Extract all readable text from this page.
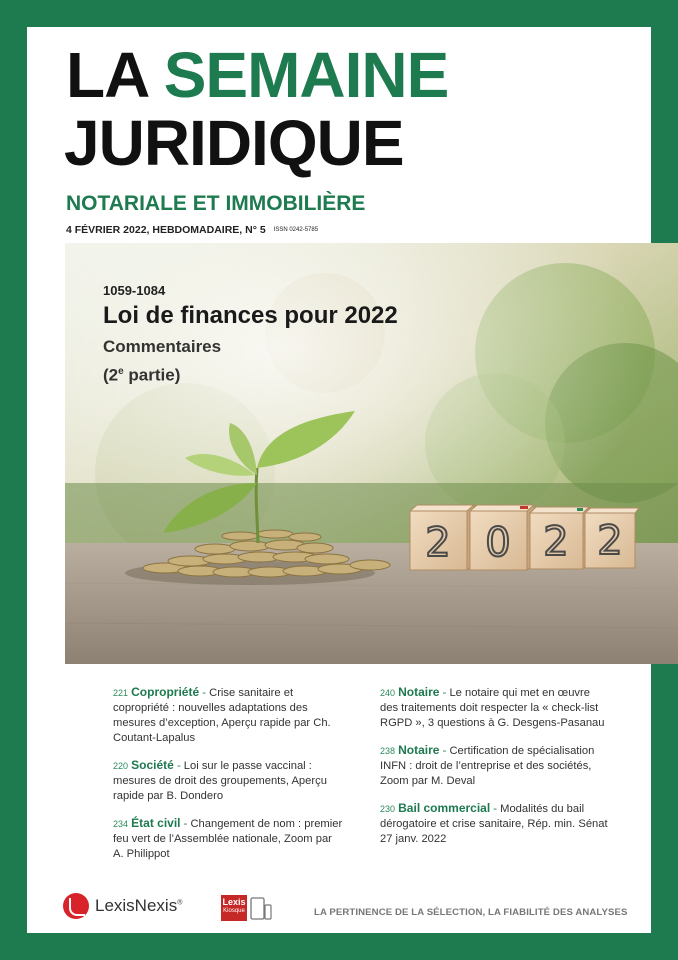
LA SEMAINE
JURIDIQUE
NOTARIALE ET IMMOBILIÈRE
4 FÉVRIER 2022, HEBDOMADAIRE, N° 5 ISSN 0242-5785
2 0 2 2
1059-1084
Loi de finances pour 2022
Commentaires
(2e partie)
221 Copropriété - Crise sanitaire et copropriété : nouvelles adaptations des mesures d’exception, Aperçu rapide par Ch. Coutant-Lapalus
220 Société - Loi sur le passe vaccinal : mesures de droit des groupements, Aperçu rapide par B. Dondero
234 État civil - Changement de nom : premier feu vert de l’Assemblée nationale, Zoom par A. Philippot
240 Notaire - Le notaire qui met en œuvre des traitements doit respecter la « check-list RGPD », 3 questions à G. Desgens-Pasanau
238 Notaire - Certification de spécialisation INFN : droit de l’entreprise et des sociétés, Zoom par M. Deval
230 Bail commercial - Modalités du bail dérogatoire et crise sanitaire, Rép. min. Sénat 27 janv. 2022
LexisNexis®	Lexis
Kiosque	LA PERTINENCE DE LA SÉLECTION, LA FIABILITÉ DES ANALYSES
